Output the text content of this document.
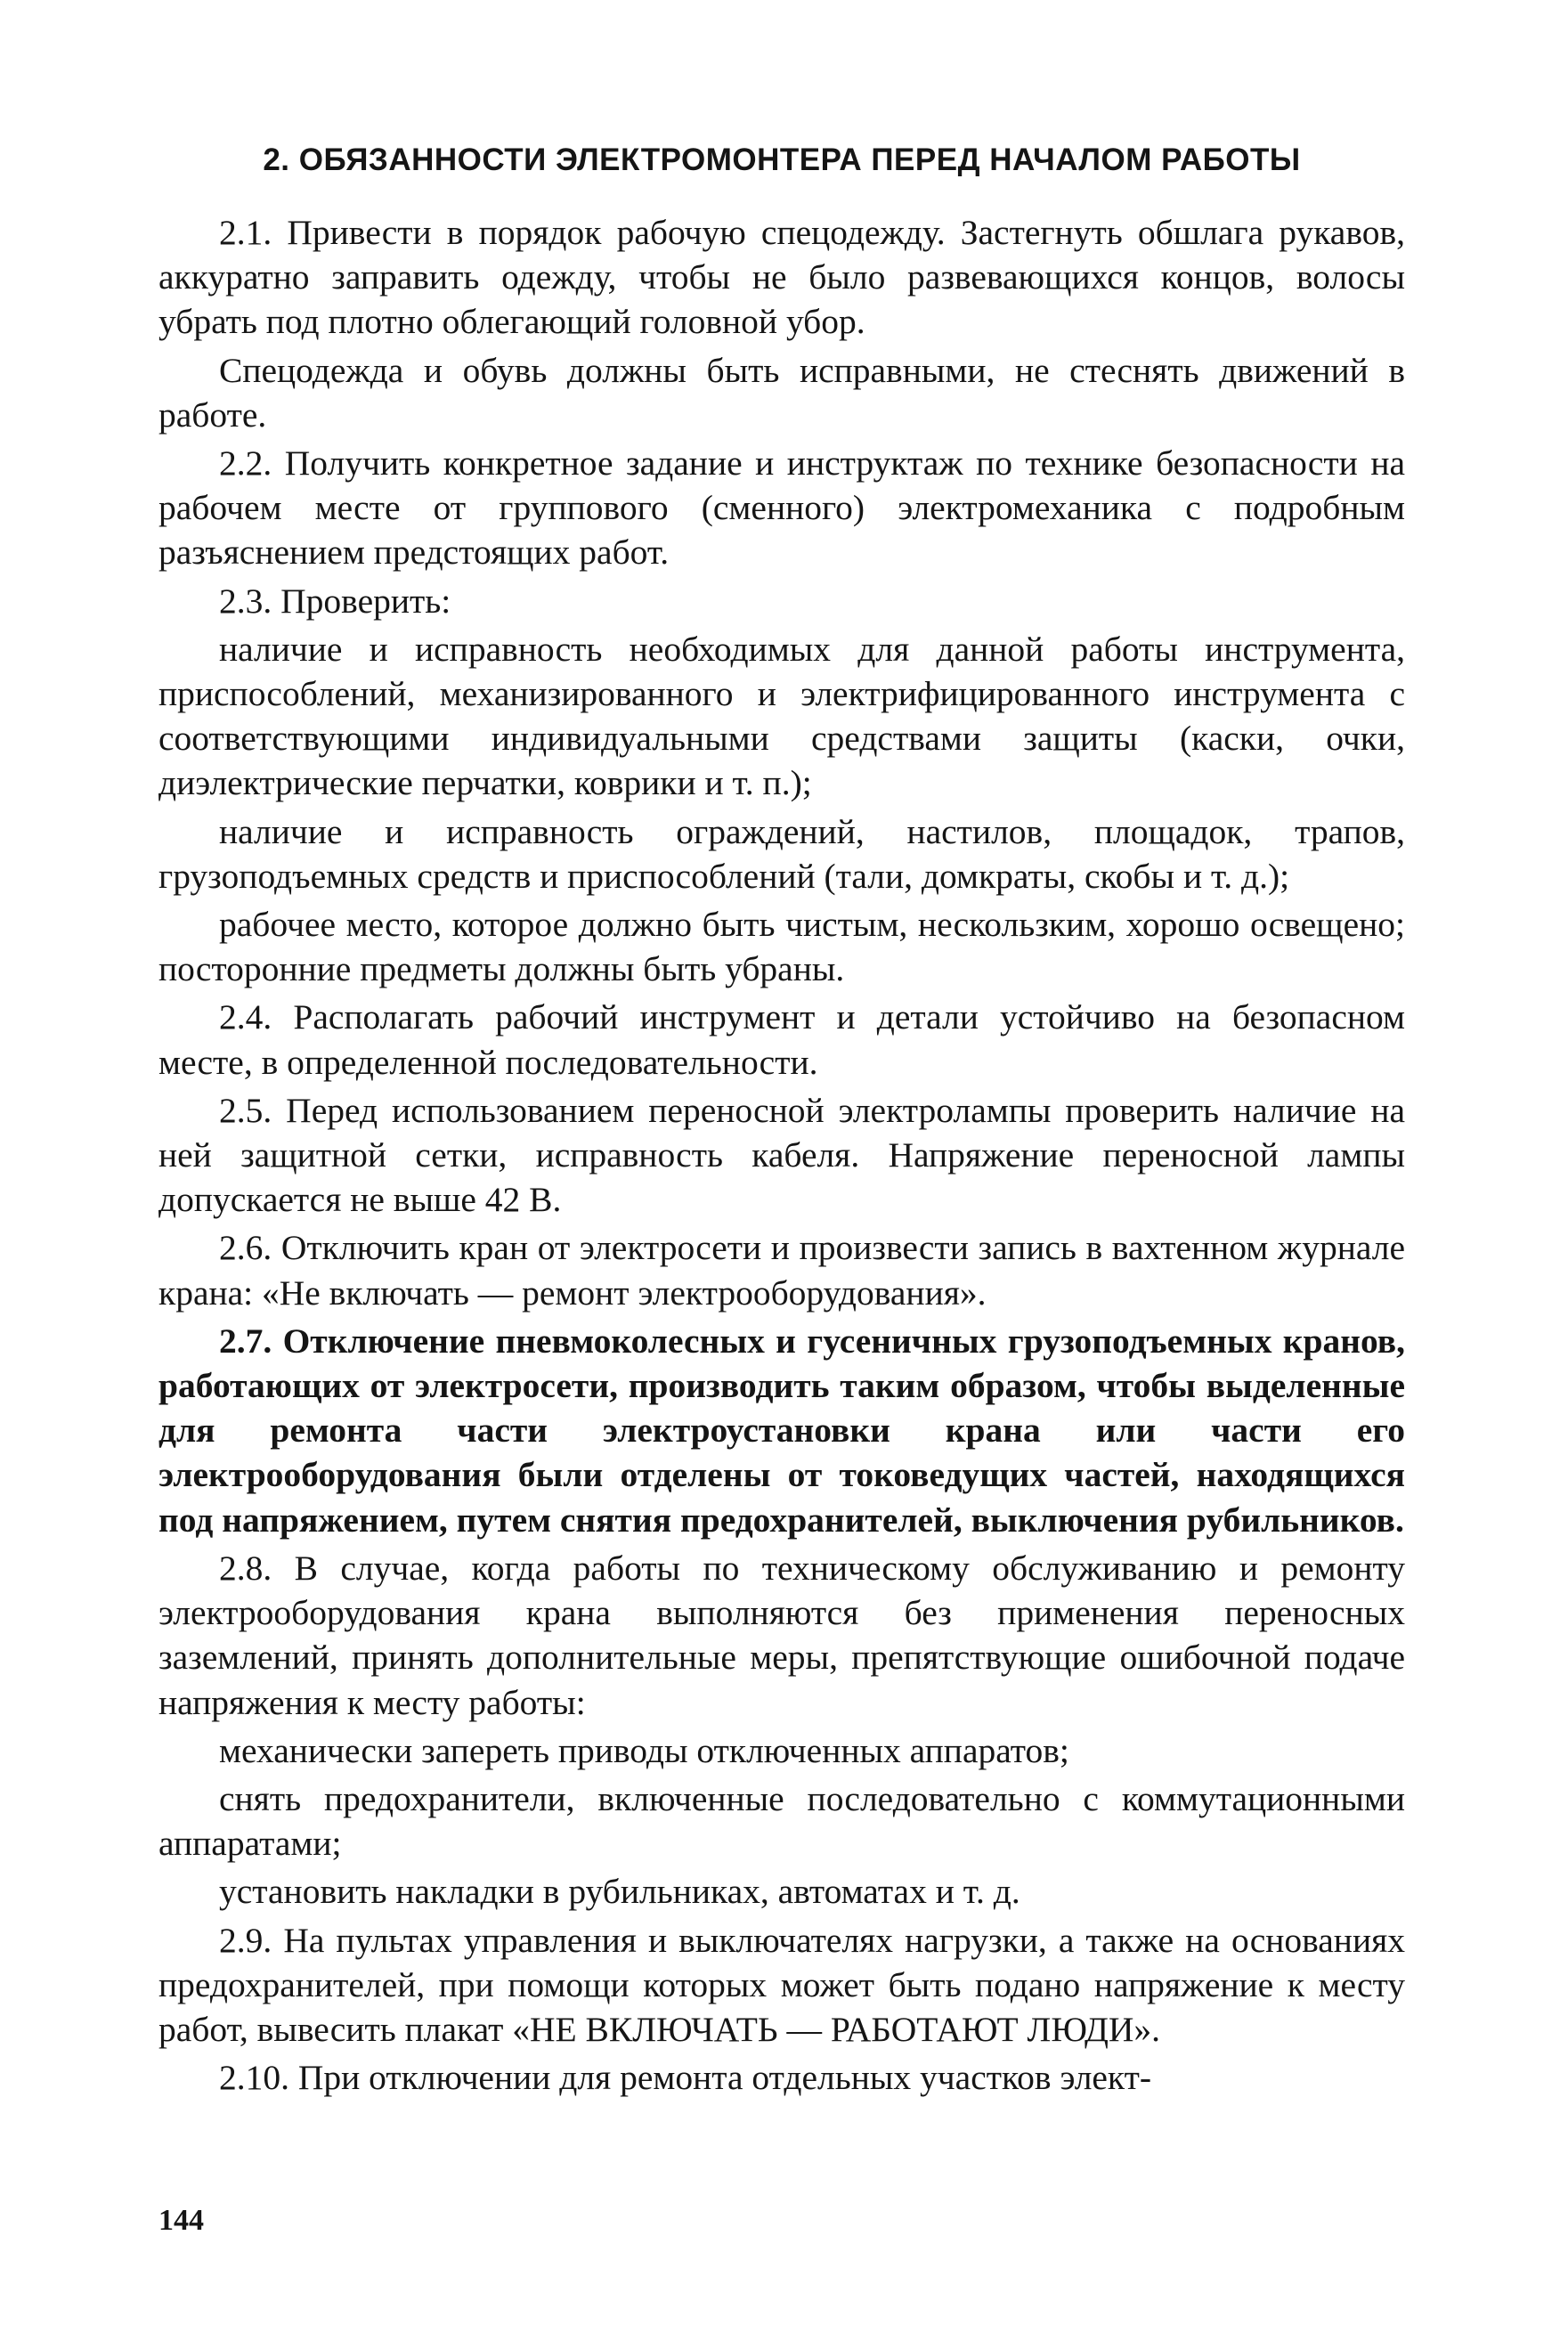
2. ОБЯЗАННОСТИ ЭЛЕКТРОМОНТЕРА ПЕРЕД НАЧАЛОМ РАБОТЫ

2.1. Привести в порядок рабочую спецодежду. Застегнуть обшлага рукавов, аккуратно заправить одежду, чтобы не было развевающихся концов, волосы убрать под плотно облегающий головной убор.

Спецодежда и обувь должны быть исправными, не стеснять движений в работе.

2.2. Получить конкретное задание и инструктаж по технике безопасности на рабочем месте от группового (сменного) электромеханика с подробным разъяснением предстоящих работ.

2.3. Проверить:

наличие и исправность необходимых для данной работы инструмента, приспособлений, механизированного и электрифицированного инструмента с соответствующими индивидуальными средствами защиты (каски, очки, диэлектрические перчатки, коврики и т. п.);

наличие и исправность ограждений, настилов, площадок, трапов, грузоподъемных средств и приспособлений (тали, домкраты, скобы и т. д.);

рабочее место, которое должно быть чистым, нескользким, хорошо освещено; посторонние предметы должны быть убраны.

2.4. Располагать рабочий инструмент и детали устойчиво на безопасном месте, в определенной последовательности.

2.5. Перед использованием переносной электролампы проверить наличие на ней защитной сетки, исправность кабеля. Напряжение переносной лампы допускается не выше 42 В.

2.6. Отключить кран от электросети и произвести запись в вахтенном журнале крана: «Не включать — ремонт электрооборудования».

2.7. Отключение пневмоколесных и гусеничных грузоподъемных кранов, работающих от электросети, производить таким образом, чтобы выделенные для ремонта части электроустановки крана или части его электрооборудования были отделены от токоведущих частей, находящихся под напряжением, путем снятия предохранителей, выключения рубильников.

2.8. В случае, когда работы по техническому обслуживанию и ремонту электрооборудования крана выполняются без применения переносных заземлений, принять дополнительные меры, препятствующие ошибочной подаче напряжения к месту работы:

механически запереть приводы отключенных аппаратов;

снять предохранители, включенные последовательно с коммутационными аппаратами;

установить накладки в рубильниках, автоматах и т. д.

2.9. На пультах управления и выключателях нагрузки, а также на основаниях предохранителей, при помощи которых может быть подано напряжение к месту работ, вывесить плакат «НЕ ВКЛЮЧАТЬ — РАБОТАЮТ ЛЮДИ».

2.10. При отключении для ремонта отдельных участков элект-

144
